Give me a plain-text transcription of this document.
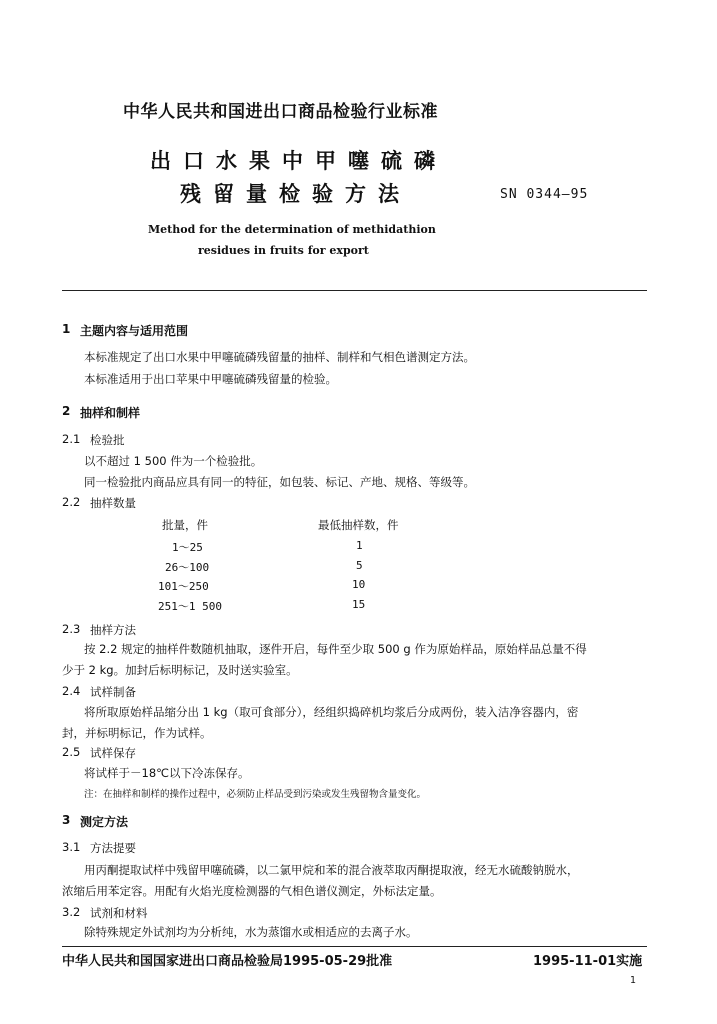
中华人民共和国进出口商品检验行业标准
出口水果中甲噻硫磷
残留量检验方法	SN 0344—95
Method for the determination of methidathion
residues in fruits for export
1 主题内容与适用范围
本标准规定了出口水果中甲噻硫磷残留量的抽样、制样和气相色谱测定方法。
本标准适用于出口苹果中甲噻硫磷残留量的检验。
2 抽样和制样
2.1 检验批
以不超过 1 500 件为一个检验批。
同一检验批内商品应具有同一的特征，如包装、标记、产地、规格、等级等。
2.2 抽样数量
批量，件	最低抽样数，件
1～25	1
26～100	5
101～250	10
251～1 500	15
2.3 抽样方法
按 2.2 规定的抽样件数随机抽取，逐件开启，每件至少取 500 g 作为原始样品，原始样品总量不得
少于 2 kg。加封后标明标记，及时送实验室。
2.4 试样制备
将所取原始样品缩分出 1 kg（取可食部分），经组织捣碎机均浆后分成两份，装入洁净容器内，密
封，并标明标记，作为试样。
2.5 试样保存
将试样于－18℃以下冷冻保存。
注：在抽样和制样的操作过程中，必须防止样品受到污染或发生残留物含量变化。
3 测定方法
3.1 方法提要
用丙酮提取试样中残留甲噻硫磷，以二氯甲烷和苯的混合液萃取丙酮提取液，经无水硫酸钠脱水，
浓缩后用苯定容。用配有火焰光度检测器的气相色谱仪测定，外标法定量。
3.2 试剂和材料
除特殊规定外试剂均为分析纯，水为蒸馏水或相适应的去离子水。
中华人民共和国国家进出口商品检验局1995-05-29批准	1995-11-01实施
1
